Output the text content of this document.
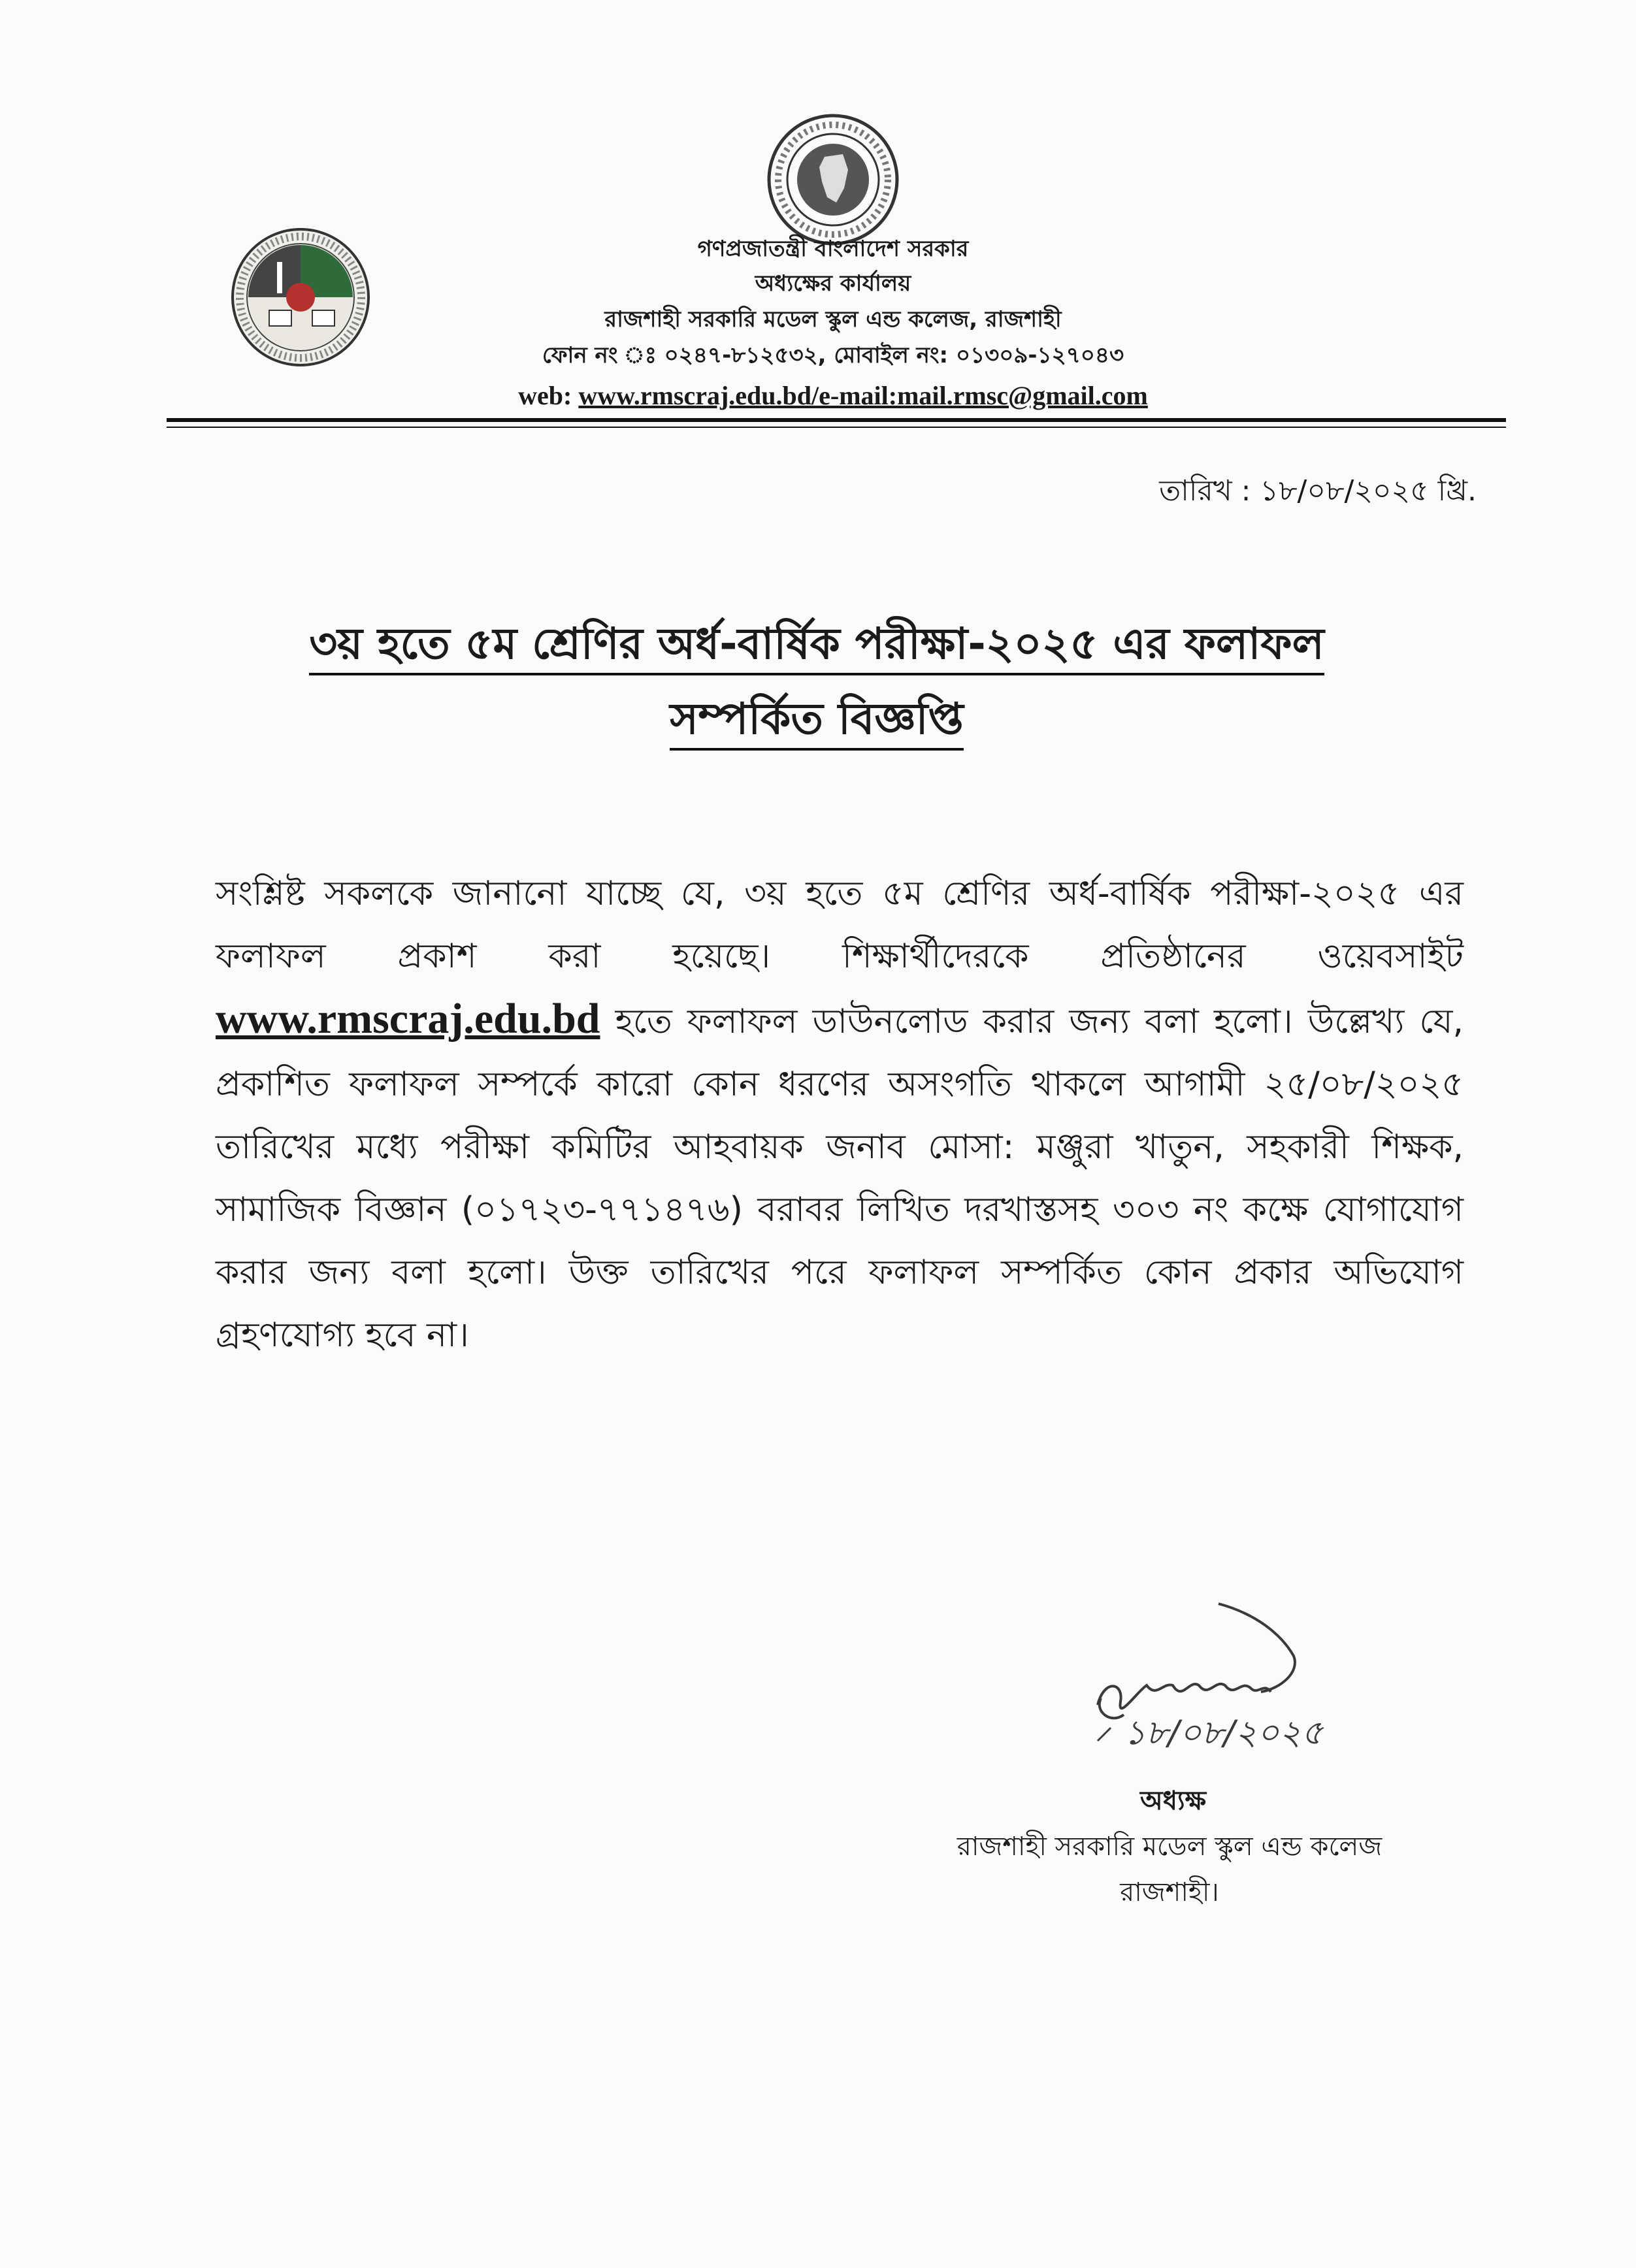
গণপ্রজাতন্ত্রী বাংলাদেশ সরকার
অধ্যক্ষের কার্যালয়
রাজশাহী সরকারি মডেল স্কুল এন্ড কলেজ, রাজশাহী
ফোন নং ঃ ০২৪৭-৮১২৫৩২, মোবাইল নং: ০১৩০৯-১২৭০৪৩
web: www.rmscraj.edu.bd/e-mail:mail.rmsc@gmail.com
তারিখ : ১৮/০৮/২০২৫ খ্রি.
৩য় হতে ৫ম শ্রেণির অর্ধ-বার্ষিক পরীক্ষা-২০২৫ এর ফলাফল
সম্পর্কিত বিজ্ঞপ্তি
সংশ্লিষ্ট সকলকে জানানো যাচ্ছে যে, ৩য় হতে ৫ম শ্রেণির অর্ধ-বার্ষিক পরীক্ষা-২০২৫ এর ফলাফল প্রকাশ করা হয়েছে। শিক্ষার্থীদেরকে প্রতিষ্ঠানের ওয়েবসাইট www.rmscraj.edu.bd হতে ফলাফল ডাউনলোড করার জন্য বলা হলো। উল্লেখ্য যে, প্রকাশিত ফলাফল সম্পর্কে কারো কোন ধরণের অসংগতি থাকলে আগামী ২৫/০৮/২০২৫ তারিখের মধ্যে পরীক্ষা কমিটির আহবায়ক জনাব মোসা: মঞ্জুরা খাতুন, সহকারী শিক্ষক, সামাজিক বিজ্ঞান (০১৭২৩-৭৭১৪৭৬) বরাবর লিখিত দরখাস্তসহ ৩০৩ নং কক্ষে যোগাযোগ করার জন্য বলা হলো। উক্ত তারিখের পরে ফলাফল সম্পর্কিত কোন প্রকার অভিযোগ গ্রহণযোগ্য হবে না।
১৮/০৮/২০২৫
অধ্যক্ষ
রাজশাহী সরকারি মডেল স্কুল এন্ড কলেজ
রাজশাহী।
